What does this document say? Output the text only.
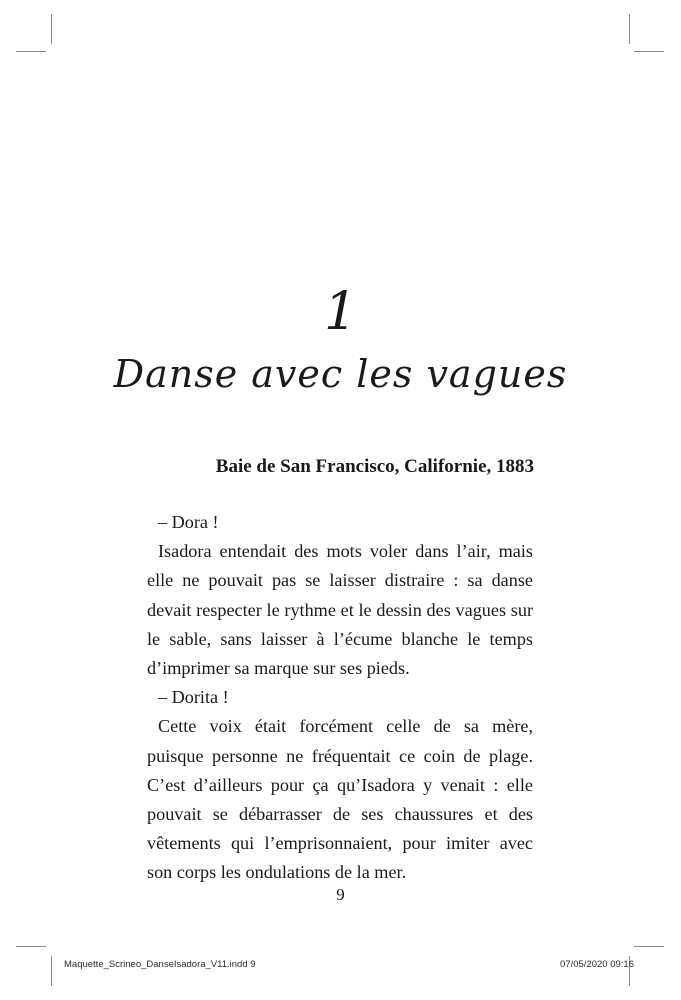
1
Danse avec les vagues
Baie de San Francisco, Californie, 1883

– Dora !

Isadora entendait des mots voler dans l’air, mais elle ne pouvait pas se laisser distraire : sa danse devait respecter le rythme et le dessin des vagues sur le sable, sans laisser à l’écume blanche le temps d’imprimer sa marque sur ses pieds.

– Dorita !

Cette voix était forcément celle de sa mère, puisque personne ne fréquentait ce coin de plage. C’est d’ailleurs pour ça qu’Isadora y venait : elle pouvait se débarrasser de ses chaussures et des vêtements qui l’emprisonnaient, pour imiter avec son corps les ondulations de la mer.

9
Maquette_Scrineo_DanseIsadora_V11.indd 9	07/05/2020 09:16
